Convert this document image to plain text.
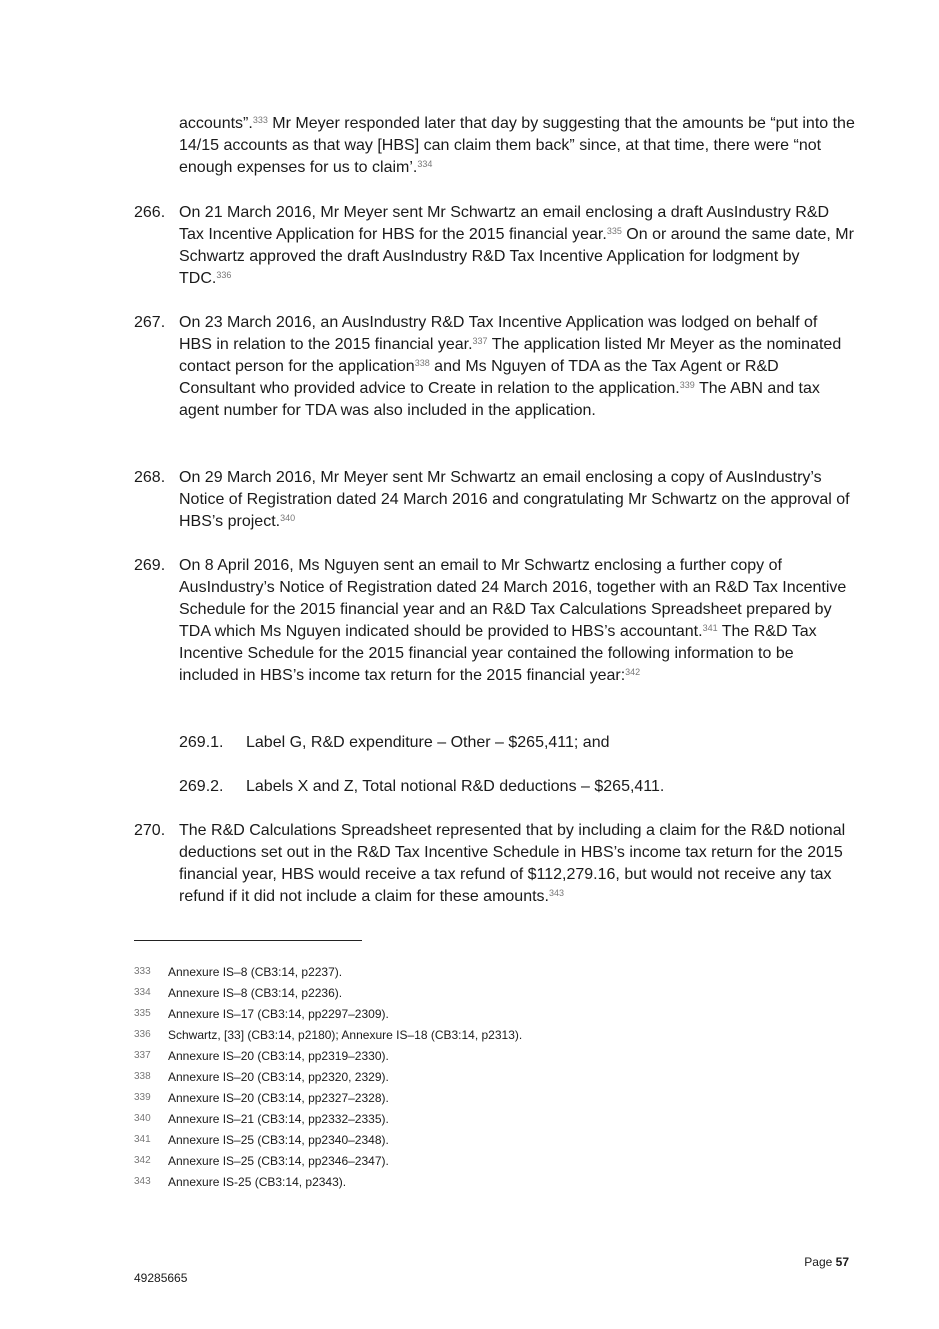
accounts”.$^{333}$ Mr Meyer responded later that day by suggesting that the amounts be “put into the 14/15 accounts as that way [HBS] can claim them back” since, at that time, there were “not enough expenses for us to claim’.$^{334}$
266. On 21 March 2016, Mr Meyer sent Mr Schwartz an email enclosing a draft AusIndustry R&D Tax Incentive Application for HBS for the 2015 financial year.$^{335}$ On or around the same date, Mr Schwartz approved the draft AusIndustry R&D Tax Incentive Application for lodgment by TDC.$^{336}$
267. On 23 March 2016, an AusIndustry R&D Tax Incentive Application was lodged on behalf of HBS in relation to the 2015 financial year.$^{337}$ The application listed Mr Meyer as the nominated contact person for the application$^{338}$ and Ms Nguyen of TDA as the Tax Agent or R&D Consultant who provided advice to Create in relation to the application.$^{339}$ The ABN and tax agent number for TDA was also included in the application.
268. On 29 March 2016, Mr Meyer sent Mr Schwartz an email enclosing a copy of AusIndustry’s Notice of Registration dated 24 March 2016 and congratulating Mr Schwartz on the approval of HBS’s project.$^{340}$
269. On 8 April 2016, Ms Nguyen sent an email to Mr Schwartz enclosing a further copy of AusIndustry’s Notice of Registration dated 24 March 2016, together with an R&D Tax Incentive Schedule for the 2015 financial year and an R&D Tax Calculations Spreadsheet prepared by TDA which Ms Nguyen indicated should be provided to HBS’s accountant.$^{341}$ The R&D Tax Incentive Schedule for the 2015 financial year contained the following information to be included in HBS’s income tax return for the 2015 financial year:$^{342}$
269.1. Label G, R&D expenditure – Other – $265,411; and
269.2. Labels X and Z, Total notional R&D deductions – $265,411.
270. The R&D Calculations Spreadsheet represented that by including a claim for the R&D notional deductions set out in the R&D Tax Incentive Schedule in HBS’s income tax return for the 2015 financial year, HBS would receive a tax refund of $112,279.16, but would not receive any tax refund if it did not include a claim for these amounts.$^{343}$
333 Annexure IS–8 (CB3:14, p2237).
334 Annexure IS–8 (CB3:14, p2236).
335 Annexure IS–17 (CB3:14, pp2297–2309).
336 Schwartz, [33] (CB3:14, p2180); Annexure IS–18 (CB3:14, p2313).
337 Annexure IS–20 (CB3:14, pp2319–2330).
338 Annexure IS–20 (CB3:14, pp2320, 2329).
339 Annexure IS–20 (CB3:14, pp2327–2328).
340 Annexure IS–21 (CB3:14, pp2332–2335).
341 Annexure IS–25 (CB3:14, pp2340–2348).
342 Annexure IS–25 (CB3:14, pp2346–2347).
343 Annexure IS-25 (CB3:14, p2343).
Page 57
49285665
